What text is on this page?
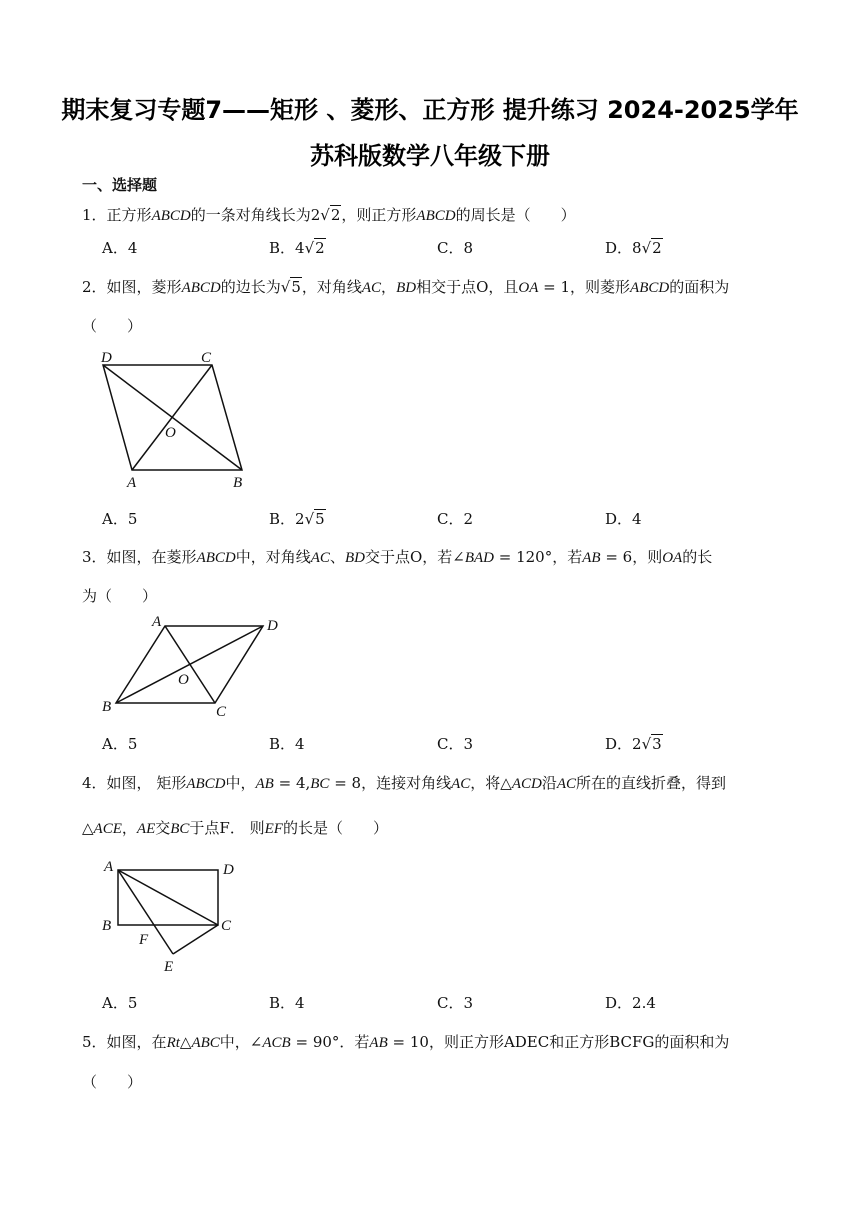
期末复习专题7——矩形 、菱形、正方形 提升练习 2024-2025学年
苏科版数学八年级下册
一、选择题
1．正方形ABCD的一条对角线长为2√2，则正方形ABCD的周长是（　　）
A．4	B．4√2	C．8	D．8√2
2．如图，菱形ABCD的边长为√5，对角线AC，BD相交于点O，且OA = 1，则菱形ABCD的面积为
（　　）
D	C
O
A	B
A．5	B．2√5	C．2	D．4
3．如图，在菱形ABCD中，对角线AC、BD交于点O，若∠BAD = 120°，若AB = 6，则OA的长
为（　　）
A	D
O
B	C
A．5	B．4	C．3	D．2√3
4．如图， 矩形ABCD中，AB = 4,BC = 8，连接对角线AC，将△ACD沿AC所在的直线折叠，得到
△ACE，AE交BC于点F． 则EF的长是（　　）
A	D
B	C
F
E
A．5	B．4	C．3	D．2.4
5．如图，在Rt△ABC中，∠ACB = 90°．若AB = 10，则正方形ADEC和正方形BCFG的面积和为
（　　）
